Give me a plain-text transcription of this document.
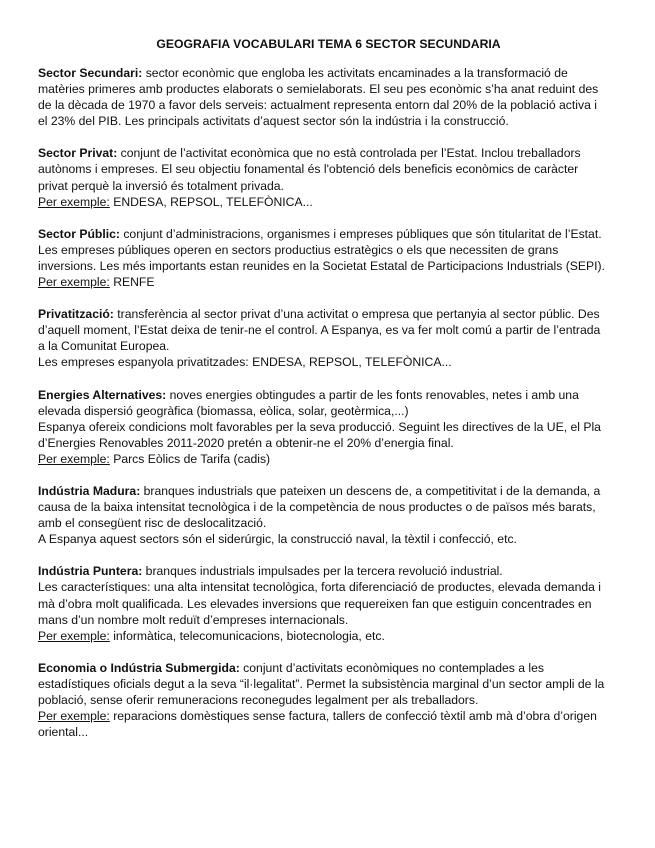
GEOGRAFIA VOCABULARI TEMA 6 SECTOR SECUNDARIA

Sector Secundari: sector econòmic que engloba les activitats encaminades a la transformació de matèries primeres amb productes elaborats o semielaborats. El seu pes econòmic s’ha anat reduint des de la dècada de 1970 a favor dels serveis: actualment representa entorn dal 20% de la població activa i el 23% del PIB. Les principals activitats d’aquest sector són la indústria i la construcció.

Sector Privat: conjunt de l’activitat econòmica que no està controlada per l’Estat. Inclou treballadors autònoms i empreses. El seu objectiu fonamental és l'obtenció dels beneficis econòmics de caràcter privat perquè la inversió és totalment privada.

Per exemple: ENDESA, REPSOL, TELEFÒNICA...

Sector Públic: conjunt d’administracions, organismes i empreses públiques que són titularitat de l’Estat. Les empreses públiques operen en sectors productius estratègics o els que necessiten de grans inversions. Les més importants estan reunides en la Societat Estatal de Participacions Industrials (SEPI).

Per exemple: RENFE

Privatització: transferència al sector privat d’una activitat o empresa que pertanyia al sector públic. Des d’aquell moment, l’Estat deixa de tenir-ne el control. A Espanya, es va fer molt comú a partir de l’entrada a la Comunitat Europea.

Les empreses espanyola privatitzades: ENDESA, REPSOL, TELEFÒNICA...

Energies Alternatives: noves energies obtingudes a partir de les fonts renovables, netes i amb una elevada dispersió geogràfica (biomassa, eòlica, solar, geotèrmica,...)

Espanya ofereix condicions molt favorables per la seva producció. Seguint les directives de la UE, el Pla d’Energies Renovables 2011-2020 pretén a obtenir-ne el 20% d’energia final.

Per exemple: Parcs Eòlics de Tarifa (cadis)

Indústria Madura: branques industrials que pateixen un descens de, a competitivitat i de la demanda, a causa de la baixa intensitat tecnològica i de la competència de nous productes o de països més barats, amb el consegüent risc de deslocalització.

A Espanya aquest sectors són el siderúrgic, la construcció naval, la tèxtil i confecció, etc.

Indústria Puntera: branques industrials impulsades per la tercera revolució industrial.

Les característiques: una alta intensitat tecnològica, forta diferenciació de productes, elevada demanda i mà d’obra molt qualificada. Les elevades inversions que requereixen fan que estiguin concentrades en mans d’un nombre molt reduït d’empreses internacionals.

Per exemple: informàtica, telecomunicacions, biotecnologia, etc.

Economia o Indústria Submergida: conjunt d’activitats econòmiques no contemplades a les estadístiques oficials degut a la seva “il·legalitat”. Permet la subsistència marginal d’un sector ampli de la població, sense oferir remuneracions reconegudes legalment per als treballadors.

Per exemple: reparacions domèstiques sense factura, tallers de confecció tèxtil amb mà d’obra d’origen oriental...
